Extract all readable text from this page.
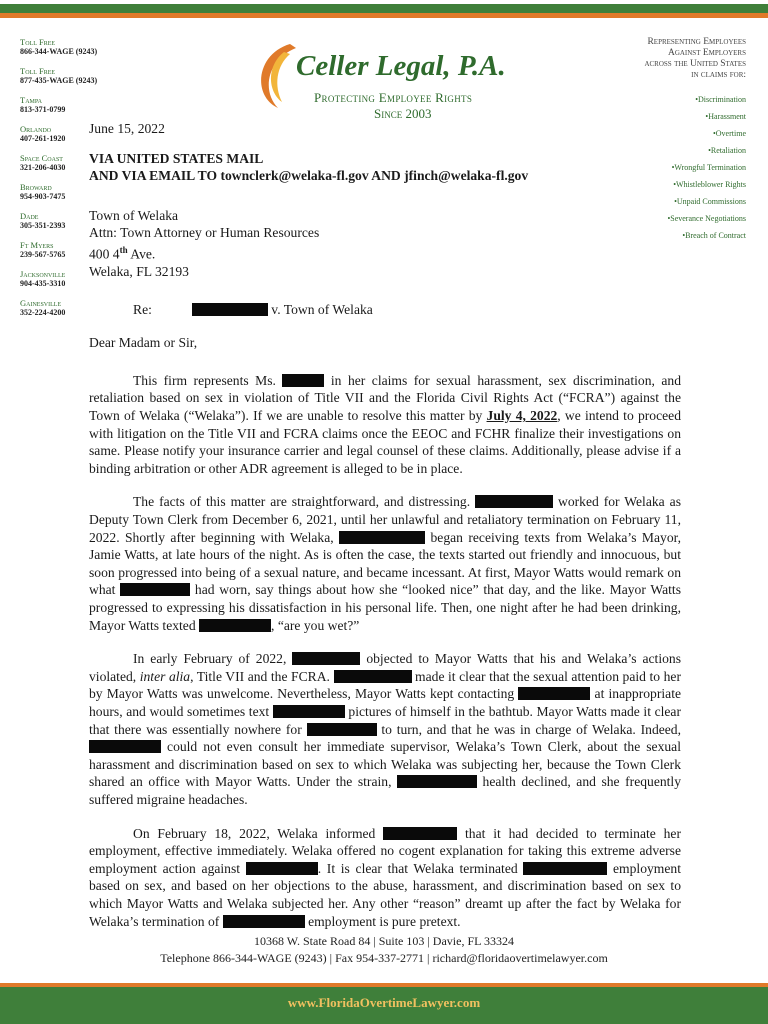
Celler Legal, P.A.
Protecting Employee Rights
Since 2003
Toll Free
866-344-WAGE (9243)
Toll Free
877-435-WAGE (9243)
Tampa
813-371-0799
Orlando
407-261-1920
Space Coast
321-206-4030
Broward
954-903-7475
Dade
305-351-2393
Ft Myers
239-567-5765
Jacksonville
904-435-3310
Gainesville
352-224-4200
Representing Employees
Against Employers
across the United States
in claims for:
• Discrimination
• Harassment
• Overtime
• Retaliation
• Wrongful Termination
• Whistleblower Rights
• Unpaid Commissions
• Severance Negotiations
• Breach of Contract
June 15, 2022
VIA UNITED STATES MAIL
AND VIA EMAIL TO townclerk@welaka-fl.gov AND jfinch@welaka-fl.gov
Town of Welaka
Attn: Town Attorney or Human Resources
400 4th Ave.
Welaka, FL 32193
Re:	v. Town of Welaka
Dear Madam or Sir,

This firm represents Ms.	in her claims for sexual harassment, sex discrimination, and retaliation based on sex in violation of Title VII and the Florida Civil Rights Act (“FCRA”) against the Town of Welaka (“Welaka”). If we are unable to resolve this matter by July 4, 2022, we intend to proceed with litigation on the Title VII and FCRA claims once the EEOC and FCHR finalize their investigations on same. Please notify your insurance carrier and legal counsel of these claims. Additionally, please advise if a binding arbitration or other ADR agreement is alleged to be in place.

The facts of this matter are straightforward, and distressing.	worked for Welaka as Deputy Town Clerk from December 6, 2021, until her unlawful and retaliatory termination on February 11, 2022. Shortly after beginning with Welaka,	began receiving texts from Welaka’s Mayor, Jamie Watts, at late hours of the night. As is often the case, the texts started out friendly and innocuous, but soon progressed into being of a sexual nature, and became incessant. At first, Mayor Watts would remark on what	had worn, say things about how she “looked nice” that day, and the like. Mayor Watts progressed to expressing his dissatisfaction in his personal life. Then, one night after he had been drinking, Mayor Watts texted	, “are you wet?”

In early February of 2022,	objected to Mayor Watts that his and Welaka’s actions violated, inter alia, Title VII and the FCRA.	made it clear that the sexual attention paid to her by Mayor Watts was unwelcome. Nevertheless, Mayor Watts kept contacting	at inappropriate hours, and would sometimes text	pictures of himself in the bathtub. Mayor Watts made it clear that there was essentially nowhere for	to turn, and that he was in charge of Welaka. Indeed,  could not even consult her immediate supervisor, Welaka’s Town Clerk, about the sexual harassment and discrimination based on sex to which Welaka was subjecting her, because the Town Clerk shared an office with Mayor Watts. Under the strain,	health declined, and she frequently suffered migraine headaches.

On February 18, 2022, Welaka informed	that it had decided to terminate her employment, effective immediately. Welaka offered no cogent explanation for taking this extreme adverse employment action against	. It is clear that Welaka terminated	employment based on sex, and based on her objections to the abuse, harassment, and discrimination based on sex to which Mayor Watts and Welaka subjected her. Any other “reason” dreamt up after the fact by Welaka for Welaka’s termination of	employment is pure pretext.

10368 W. State Road 84 | Suite 103 | Davie, FL 33324
Telephone 866-344-WAGE (9243) | Fax 954-337-2771 | richard@floridaovertimelawyer.com
www.FloridaOvertimeLawyer.com
